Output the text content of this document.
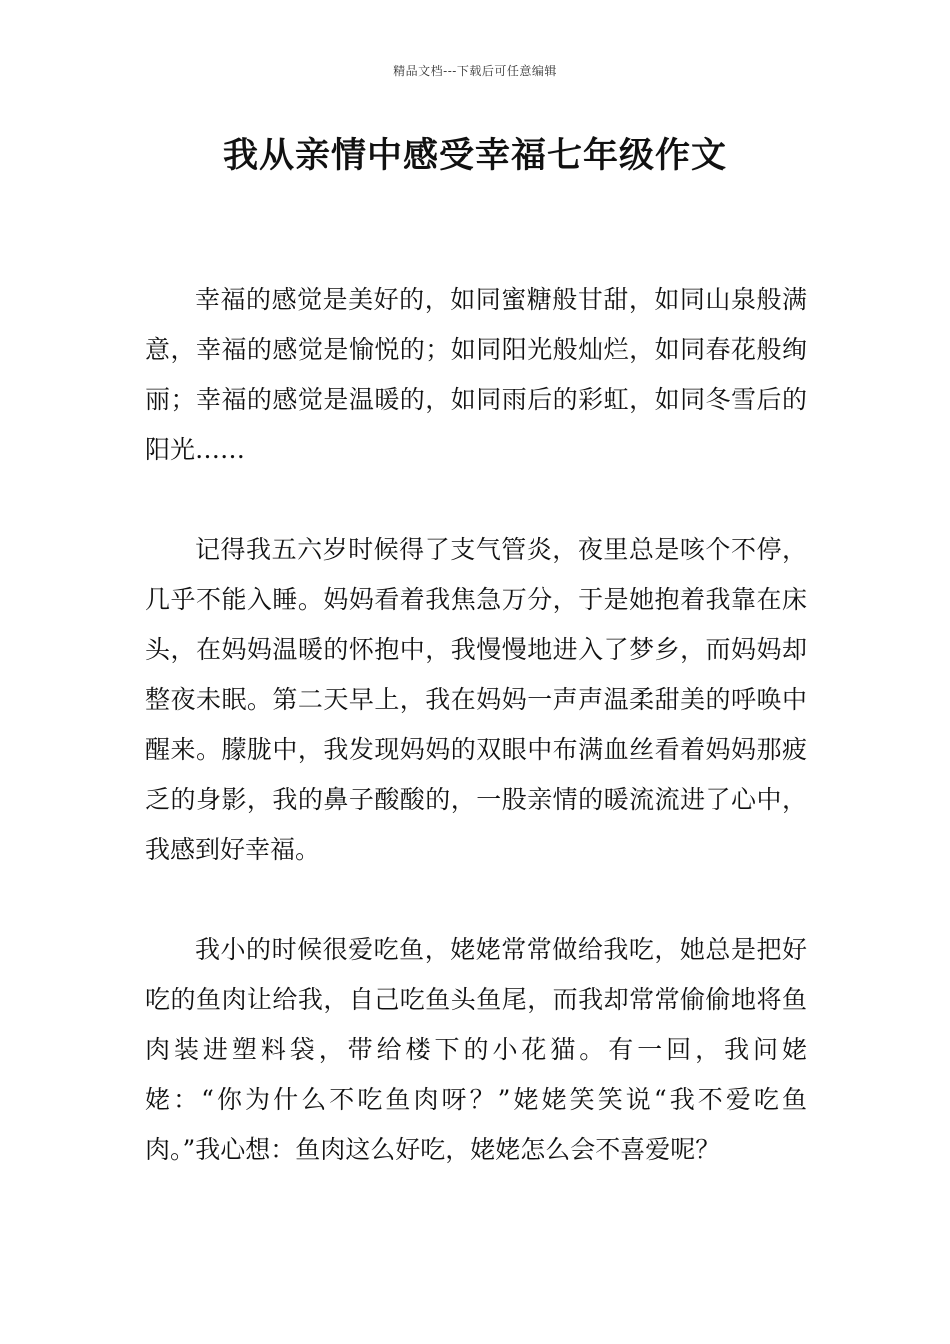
精品文档---下载后可任意编辑
我从亲情中感受幸福七年级作文

幸福的感觉是美好的，如同蜜糖般甘甜，如同山泉般满意，幸福的感觉是愉悦的；如同阳光般灿烂，如同春花般绚丽；幸福的感觉是温暖的，如同雨后的彩虹，如同冬雪后的阳光……

记得我五六岁时候得了支气管炎，夜里总是咳个不停，几乎不能入睡。妈妈看着我焦急万分，于是她抱着我靠在床头，在妈妈温暖的怀抱中，我慢慢地进入了梦乡，而妈妈却整夜未眠。第二天早上，我在妈妈一声声温柔甜美的呼唤中醒来。朦胧中，我发现妈妈的双眼中布满血丝看着妈妈那疲乏的身影，我的鼻子酸酸的，一股亲情的暖流流进了心中，我感到好幸福。

我小的时候很爱吃鱼，姥姥常常做给我吃，她总是把好吃的鱼肉让给我，自己吃鱼头鱼尾，而我却常常偷偷地将鱼肉装进塑料袋，带给楼下的小花猫。有一回，我问姥姥：“你为什么不吃鱼肉呀？”姥姥笑笑说“我不爱吃鱼肉。”我心想：鱼肉这么好吃，姥姥怎么会不喜爱呢？
